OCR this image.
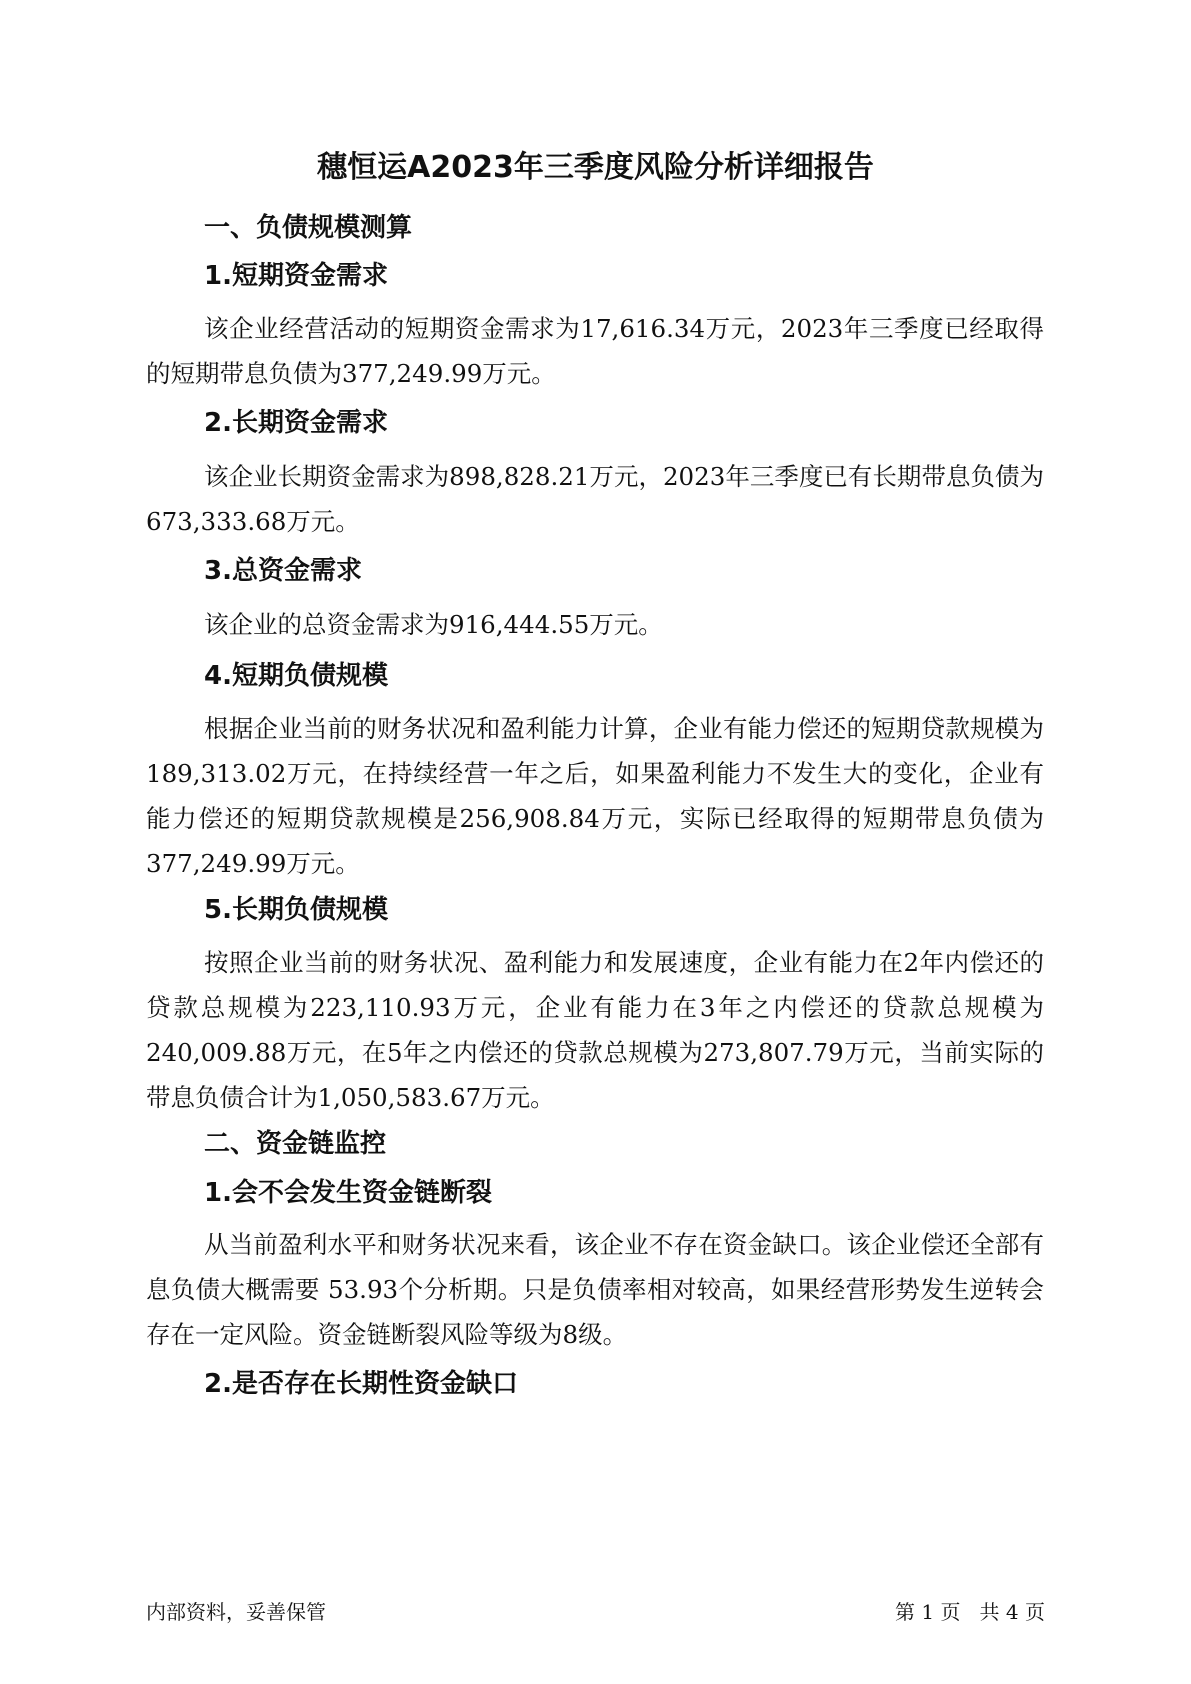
穗恒运A2023年三季度风险分析详细报告
一、负债规模测算
1.短期资金需求
该企业经营活动的短期资金需求为17,616.34万元，2023年三季度已经取得的短期带息负债为377,249.99万元。
2.长期资金需求
该企业长期资金需求为898,828.21万元，2023年三季度已有长期带息负债为673,333.68万元。
3.总资金需求
该企业的总资金需求为916,444.55万元。
4.短期负债规模
根据企业当前的财务状况和盈利能力计算，企业有能力偿还的短期贷款规模为189,313.02万元，在持续经营一年之后，如果盈利能力不发生大的变化，企业有能力偿还的短期贷款规模是256,908.84万元，实际已经取得的短期带息负债为377,249.99万元。
5.长期负债规模
按照企业当前的财务状况、盈利能力和发展速度，企业有能力在2年内偿还的贷款总规模为223,110.93万元，企业有能力在3年之内偿还的贷款总规模为240,009.88万元，在5年之内偿还的贷款总规模为273,807.79万元，当前实际的带息负债合计为1,050,583.67万元。
二、资金链监控
1.会不会发生资金链断裂
从当前盈利水平和财务状况来看，该企业不存在资金缺口。该企业偿还全部有息负债大概需要 53.93个分析期。只是负债率相对较高，如果经营形势发生逆转会存在一定风险。资金链断裂风险等级为8级。
2.是否存在长期性资金缺口
内部资料，妥善保管	第 1 页   共 4 页
